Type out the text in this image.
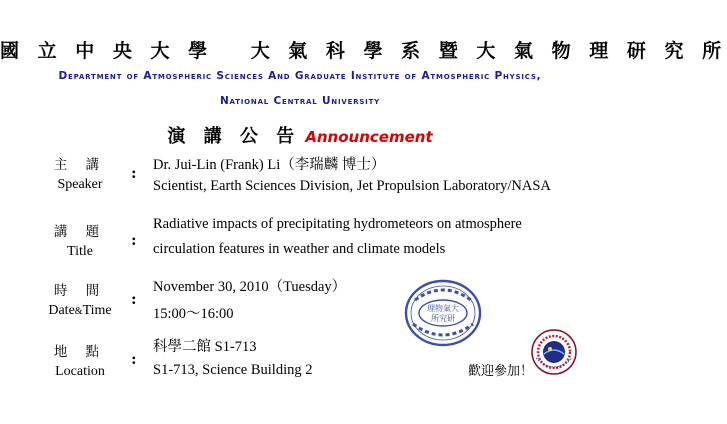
國 立 中 央 大 學　 大 氣 科 學 系 暨 大 氣 物 理 研 究 所
Department of Atmospheric Sciences And Graduate Institute of Atmospheric Physics,
National Central University
演 講 公 告 Announcement
主 講
Speaker
: Dr. Jui-Lin (Frank) Li（李瑞麟 博士）
Scientist, Earth Sciences Division, Jet Propulsion Laboratory/NASA
講 題
Title
:
Radiative impacts of precipitating hydrometeors on atmosphere
circulation features in weather and climate models
時 間
Date&Time
:
November 30, 2010（Tuesday）
15:00～16:00
地 點
Location
:
科學二館 S1-713
S1-713, Science Building 2
理物氣大
所究研
歡迎參加！
